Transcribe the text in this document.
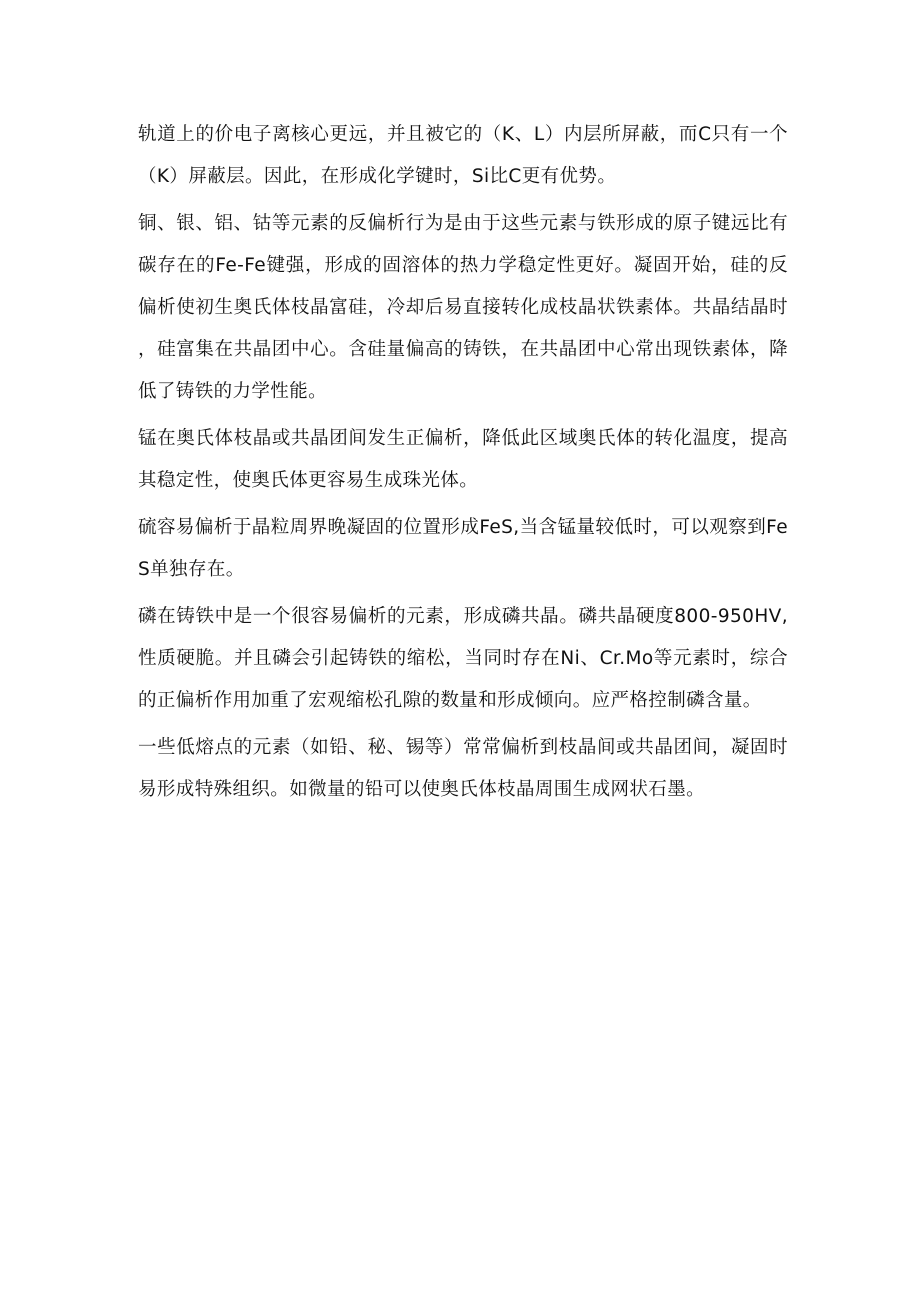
轨道上的价电子离核心更远，并且被它的（K、L）内层所屏蔽，而C只有一个（K）屏蔽层。因此，在形成化学键时，Si比C更有优势。

铜、银、铝、钴等元素的反偏析行为是由于这些元素与铁形成的原子键远比有碳存在的Fe-Fe键强，形成的固溶体的热力学稳定性更好。凝固开始，硅的反偏析使初生奥氏体枝晶富硅，冷却后易直接转化成枝晶状铁素体。共晶结晶时，硅富集在共晶团中心。含硅量偏高的铸铁，在共晶团中心常出现铁素体，降低了铸铁的力学性能。

锰在奥氏体枝晶或共晶团间发生正偏析，降低此区域奥氏体的转化温度，提高其稳定性，使奥氏体更容易生成珠光体。

硫容易偏析于晶粒周界晚凝固的位置形成FeS,当含锰量较低时，可以观察到FeS单独存在。

磷在铸铁中是一个很容易偏析的元素，形成磷共晶。磷共晶硬度800-950HV,性质硬脆。并且磷会引起铸铁的缩松，当同时存在Ni、Cr.Mo等元素时，综合的正偏析作用加重了宏观缩松孔隙的数量和形成倾向。应严格控制磷含量。

一些低熔点的元素（如铅、秘、锡等）常常偏析到枝晶间或共晶团间，凝固时易形成特殊组织。如微量的铅可以使奥氏体枝晶周围生成网状石墨。
